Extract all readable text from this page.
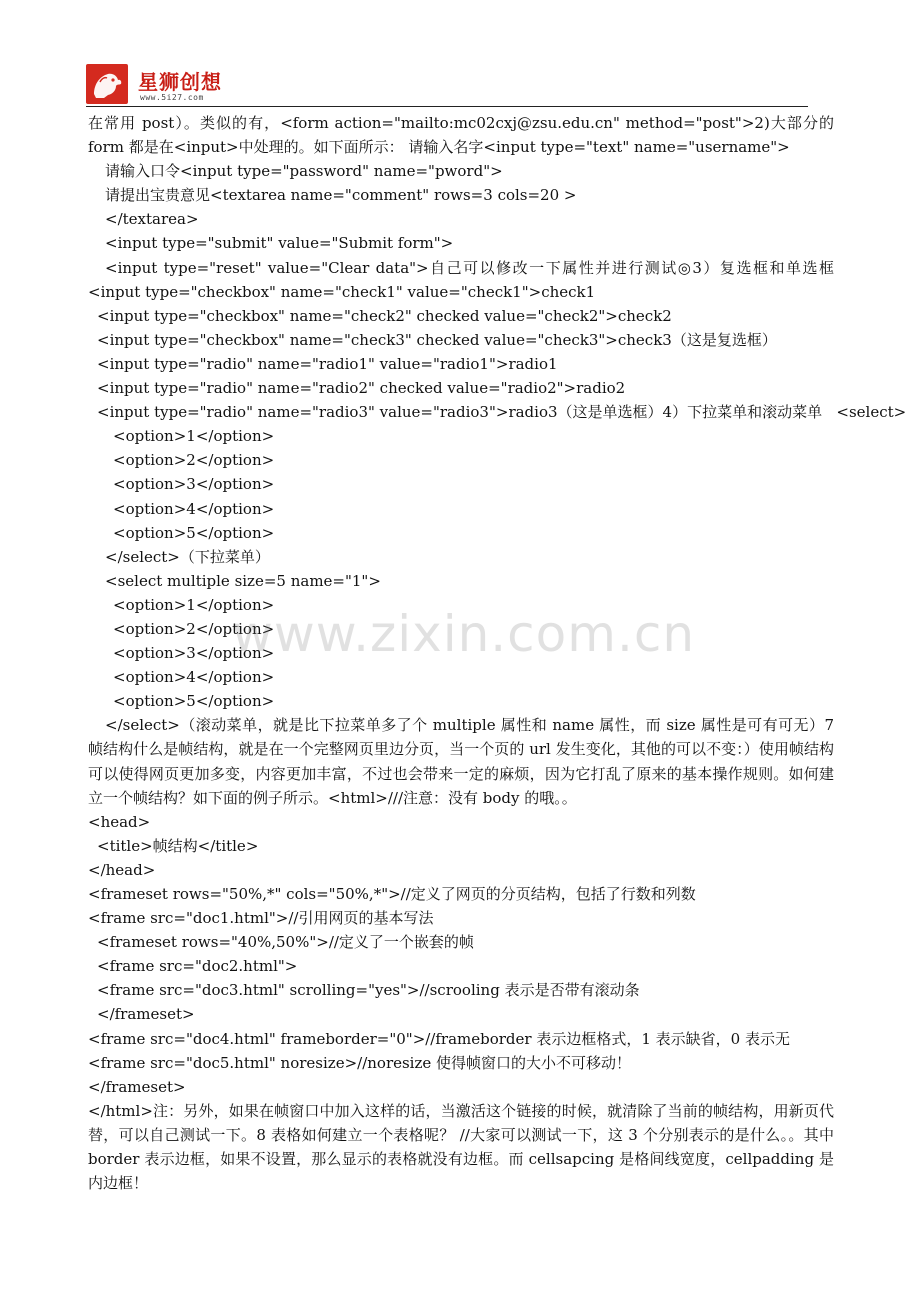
星狮创想
www.5i27.com
在常用 post）。类似的有，<form action="mailto:mc02cxj@zsu.edu.cn" method="post">2)大部分的 form 都是在<input>中处理的。如下面所示： 请输入名字<input type="text" name="username">
请输入口令<input type="password" name="pword">
请提出宝贵意见<textarea name="comment" rows=3 cols=20 >
</textarea>
<input type="submit" value="Submit form">
<input type="reset" value="Clear data">自己可以修改一下属性并进行测试◎3）复选框和单选框 <input type="checkbox" name="check1" value="check1">check1
<input type="checkbox" name="check2" checked value="check2">check2
<input type="checkbox" name="check3" checked value="check3">check3（这是复选框）
<input type="radio" name="radio1" value="radio1">radio1
<input type="radio" name="radio2" checked value="radio2">radio2
<input type="radio" name="radio3" value="radio3">radio3（这是单选框）4）下拉菜单和滚动菜单   <select>
<option>1</option>
<option>2</option>
<option>3</option>
<option>4</option>
<option>5</option>
</select>（下拉菜单）
<select multiple size=5 name="1">
<option>1</option>
<option>2</option>
<option>3</option>
<option>4</option>
<option>5</option>
</select>（滚动菜单，就是比下拉菜单多了个 multiple 属性和 name 属性，而 size 属性是可有可无）7 帧结构什么是帧结构，就是在一个完整网页里边分页，当一个页的 url 发生变化，其他的可以不变：）使用帧结构可以使得网页更加多变，内容更加丰富，不过也会带来一定的麻烦，因为它打乱了原来的基本操作规则。如何建立一个帧结构？如下面的例子所示。<html>///注意：没有 body 的哦。。
<head>
<title>帧结构</title>
</head>
<frameset rows="50%,*" cols="50%,*">//定义了网页的分页结构，包括了行数和列数
<frame src="doc1.html">//引用网页的基本写法
<frameset rows="40%,50%">//定义了一个嵌套的帧
<frame src="doc2.html">
<frame src="doc3.html" scrolling="yes">//scrooling 表示是否带有滚动条
</frameset>
<frame src="doc4.html" frameborder="0">//frameborder 表示边框格式，1 表示缺省，0 表示无
<frame src="doc5.html" noresize>//noresize 使得帧窗口的大小不可移动！
</frameset>
</html>注：另外，如果在帧窗口中加入这样的话，当激活这个链接的时候，就清除了当前的帧结构，用新页代替，可以自己测试一下。8 表格如何建立一个表格呢？ //大家可以测试一下，这 3 个分别表示的是什么。。其中 border 表示边框，如果不设置，那么显示的表格就没有边框。而 cellsapcing 是格间线宽度，cellpadding 是内边框！
www.zixin.com.cn
